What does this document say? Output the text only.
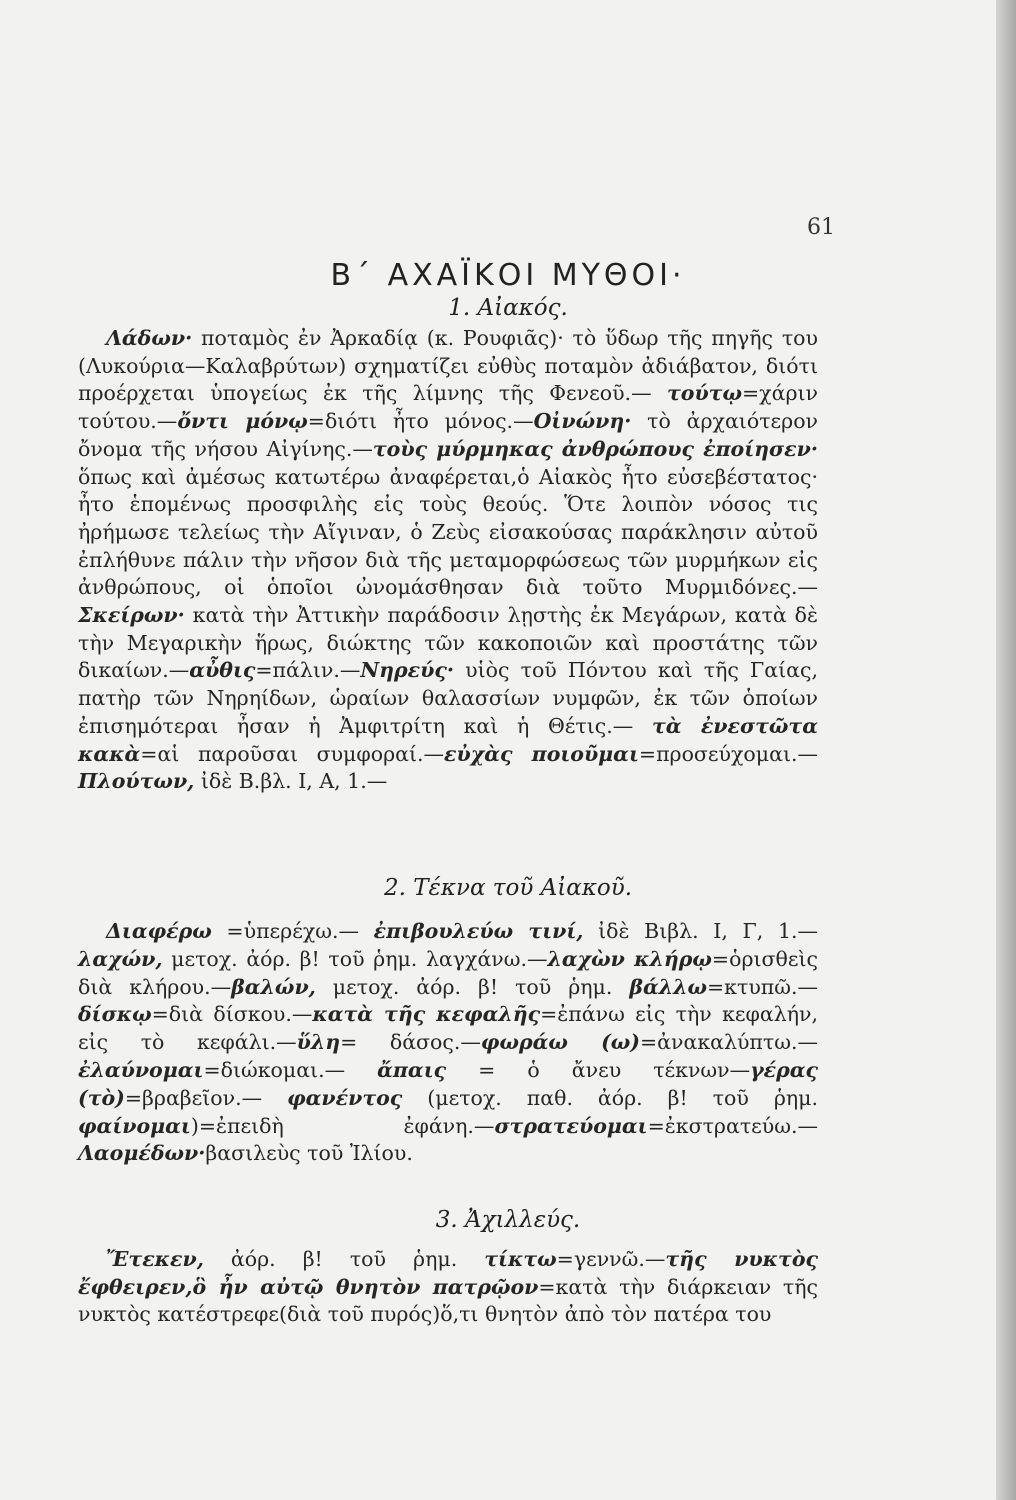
61
Β΄ ΑΧΑΪΚΟΙ ΜΥΘΟΙ·
1. Αἰακός.

Λάδων· ποταμὸς ἐν Ἀρκαδίᾳ (κ. Ρουφιᾶς)· τὸ ὕδωρ τῆς πηγῆς του (Λυκούρια—Καλαβρύτων) σχηματίζει εὐθὺς ποταμὸν ἀδιάβατον, διότι προέρχεται ὑπογείως ἐκ τῆς λίμνης τῆς Φενεοῦ.— τούτῳ=χάριν τούτου.—ὄντι μόνῳ=διότι ἦτο μόνος.—Οἰνώνη· τὸ ἀρχαιότερον ὄνομα τῆς νήσου Αἰγίνης.—τοὺς μύρμηκας ἀνθρώπους ἐποίησεν· ὅπως καὶ ἀμέσως κατωτέρω ἀναφέρεται,ὁ Αἰακὸς ἦτο εὐσεβέστατος· ἦτο ἑπομένως προσφιλὴς εἰς τοὺς θεούς. Ὅτε λοιπὸν νόσος τις ἠρήμωσε τελείως τὴν Αἴγιναν, ὁ Ζεὺς εἰσακούσας παράκλησιν αὐτοῦ ἐπλήθυνε πάλιν τὴν νῆσον διὰ τῆς μεταμορφώσεως τῶν μυρμήκων εἰς ἀνθρώπους, οἱ ὁποῖοι ὠνομάσθησαν διὰ τοῦτο Μυρμιδόνες.—Σκείρων· κατὰ τὴν Ἀττικὴν παράδοσιν λῃστὴς ἐκ Μεγάρων, κατὰ δὲ τὴν Μεγαρικὴν ἥρως, διώκτης τῶν κακοποιῶν καὶ προστάτης τῶν δικαίων.—αὖθις=πάλιν.—Νηρεύς· υἱὸς τοῦ Πόντου καὶ τῆς Γαίας, πατὴρ τῶν Νηρηίδων, ὡραίων θαλασσίων νυμφῶν, ἐκ τῶν ὁποίων ἐπισημότεραι ἦσαν ἡ Ἀμφιτρίτη καὶ ἡ Θέτις.— τὰ ἐνεστῶτα κακὰ=αἱ παροῦσαι συμφοραί.—εὐχὰς ποιοῦμαι=προσεύχομαι.— Πλούτων, ἰδὲ Β.βλ. Ι, Α, 1.—

2. Τέκνα τοῦ Αἰακοῦ.

Διαφέρω =ὑπερέχω.— ἐπιβουλεύω τινί, ἰδὲ Βιβλ. Ι, Γ, 1.— λαχών, μετοχ. ἀόρ. β! τοῦ ῥημ. λαγχάνω.—λαχὼν κλήρῳ=ὁρισθεὶς διὰ κλήρου.—βαλών, μετοχ. ἀόρ. β! τοῦ ῥημ. βάλλω=κτυπῶ.— δίσκῳ=διὰ δίσκου.—κατὰ τῆς κεφαλῆς=ἐπάνω εἰς τὴν κεφαλήν, εἰς τὸ κεφάλι.—ὕλη= δάσος.—φωράω (ω)=ἀνακαλύπτω.—ἐλαύνομαι=διώκομαι.— ἄπαις = ὁ ἄνευ τέκνων—γέρας (τὸ)=βραβεῖον.— φανέντος (μετοχ. παθ. ἀόρ. β! τοῦ ῥημ. φαίνομαι)=ἐπειδὴ ἐφάνη.—στρατεύομαι=ἐκστρατεύω.—Λαομέδων·βασιλεὺς τοῦ Ἰλίου.

3. Ἀχιλλεύς.

Ἔτεκεν, ἀόρ. β! τοῦ ῥημ. τίκτω=γεννῶ.—τῆς νυκτὸς ἔφθειρεν,ὃ ἦν αὐτῷ θνητὸν πατρῷον=κατὰ τὴν διάρκειαν τῆς νυκτὸς κατέστρεφε(διὰ τοῦ πυρός)ὅ,τι θνητὸν ἀπὸ τὸν πατέρα του
